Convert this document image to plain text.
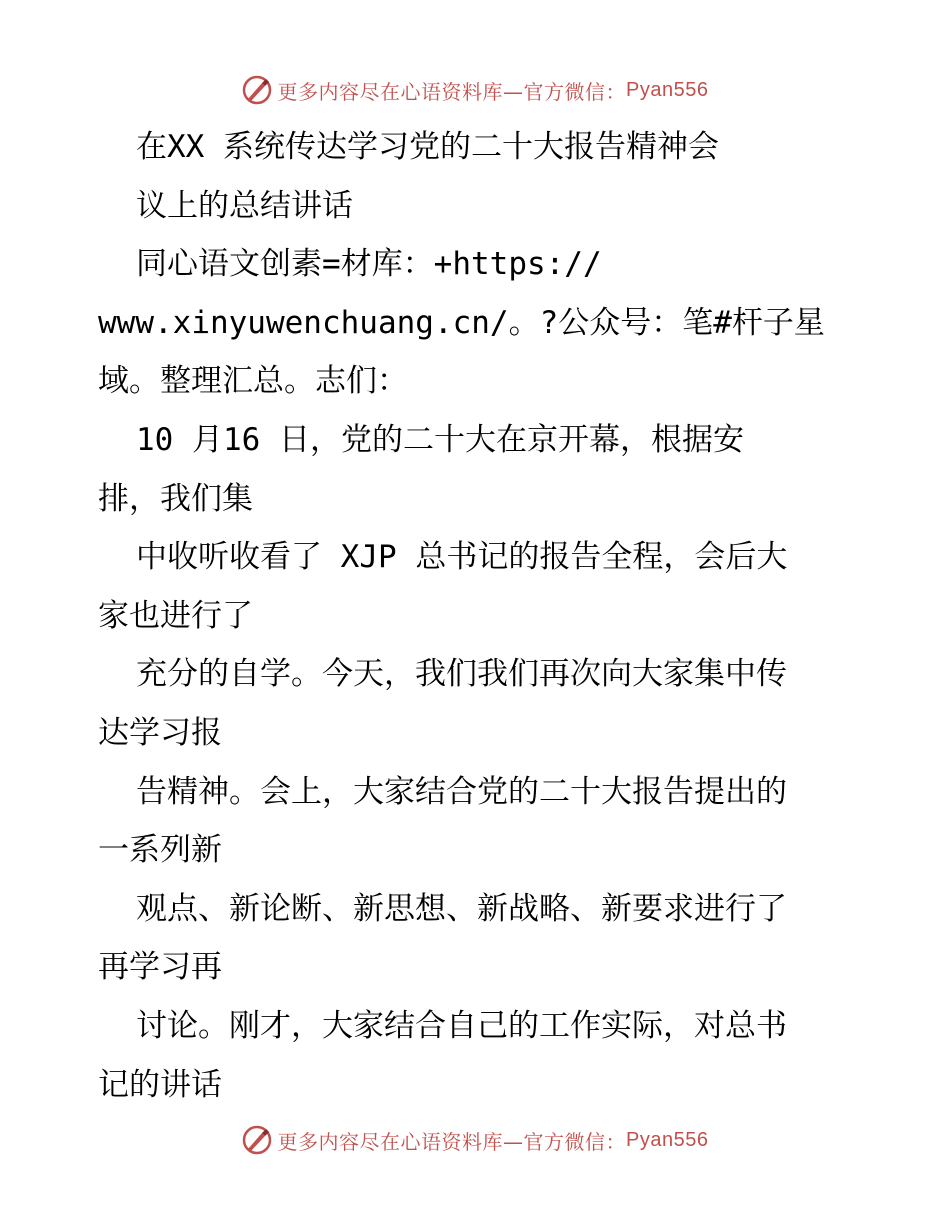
更多内容尽在心语资料库—官方微信： Pyan556
在XX 系统传达学习党的二十大报告精神会
议上的总结讲话
同心语文创素=材库：+https://
www.xinyuwenchuang.cn/。?公众号：笔#杆子星
域。整理汇总。志们：
10 月16 日，党的二十大在京开幕，根据安
排，我们集
中收听收看了 XJP 总书记的报告全程，会后大
家也进行了
充分的自学。今天，我们我们再次向大家集中传
达学习报
告精神。会上，大家结合党的二十大报告提出的
一系列新
观点、新论断、新思想、新战略、新要求进行了
再学习再
讨论。刚才，大家结合自己的工作实际，对总书
记的讲话
更多内容尽在心语资料库—官方微信： Pyan556
